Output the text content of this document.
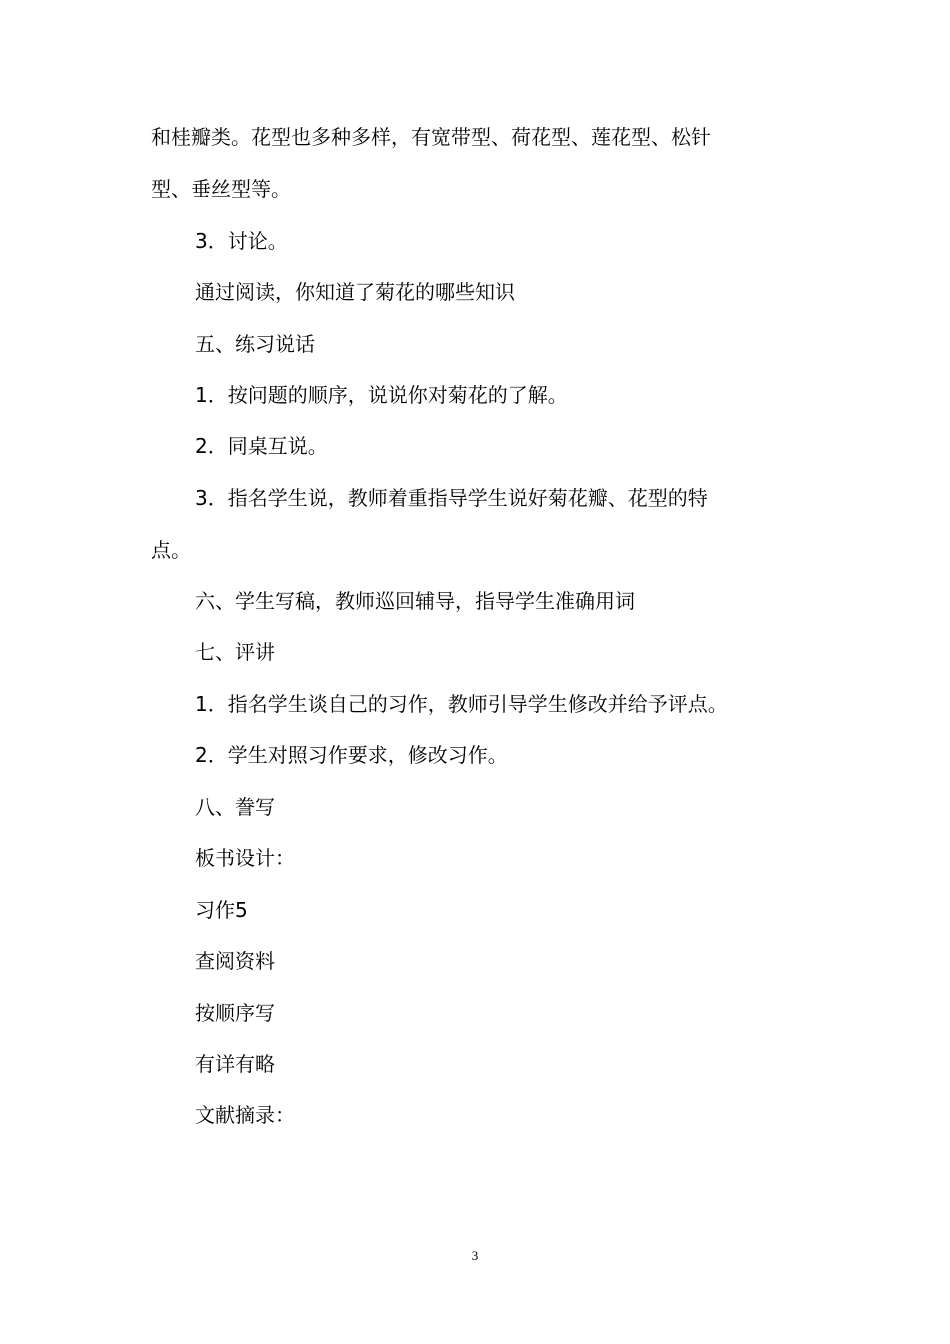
和桂瓣类。花型也多种多样，有宽带型、荷花型、莲花型、松针
型、垂丝型等。
3．讨论。
通过阅读，你知道了菊花的哪些知识
五、练习说话
1．按问题的顺序，说说你对菊花的了解。
2．同桌互说。
3．指名学生说，教师着重指导学生说好菊花瓣、花型的特
点。
六、学生写稿，教师巡回辅导，指导学生准确用词
七、评讲
1．指名学生谈自己的习作，教师引导学生修改并给予评点。
2．学生对照习作要求，修改习作。
八、誊写
板书设计：
习作5
查阅资料
按顺序写
有详有略
文献摘录：
3
